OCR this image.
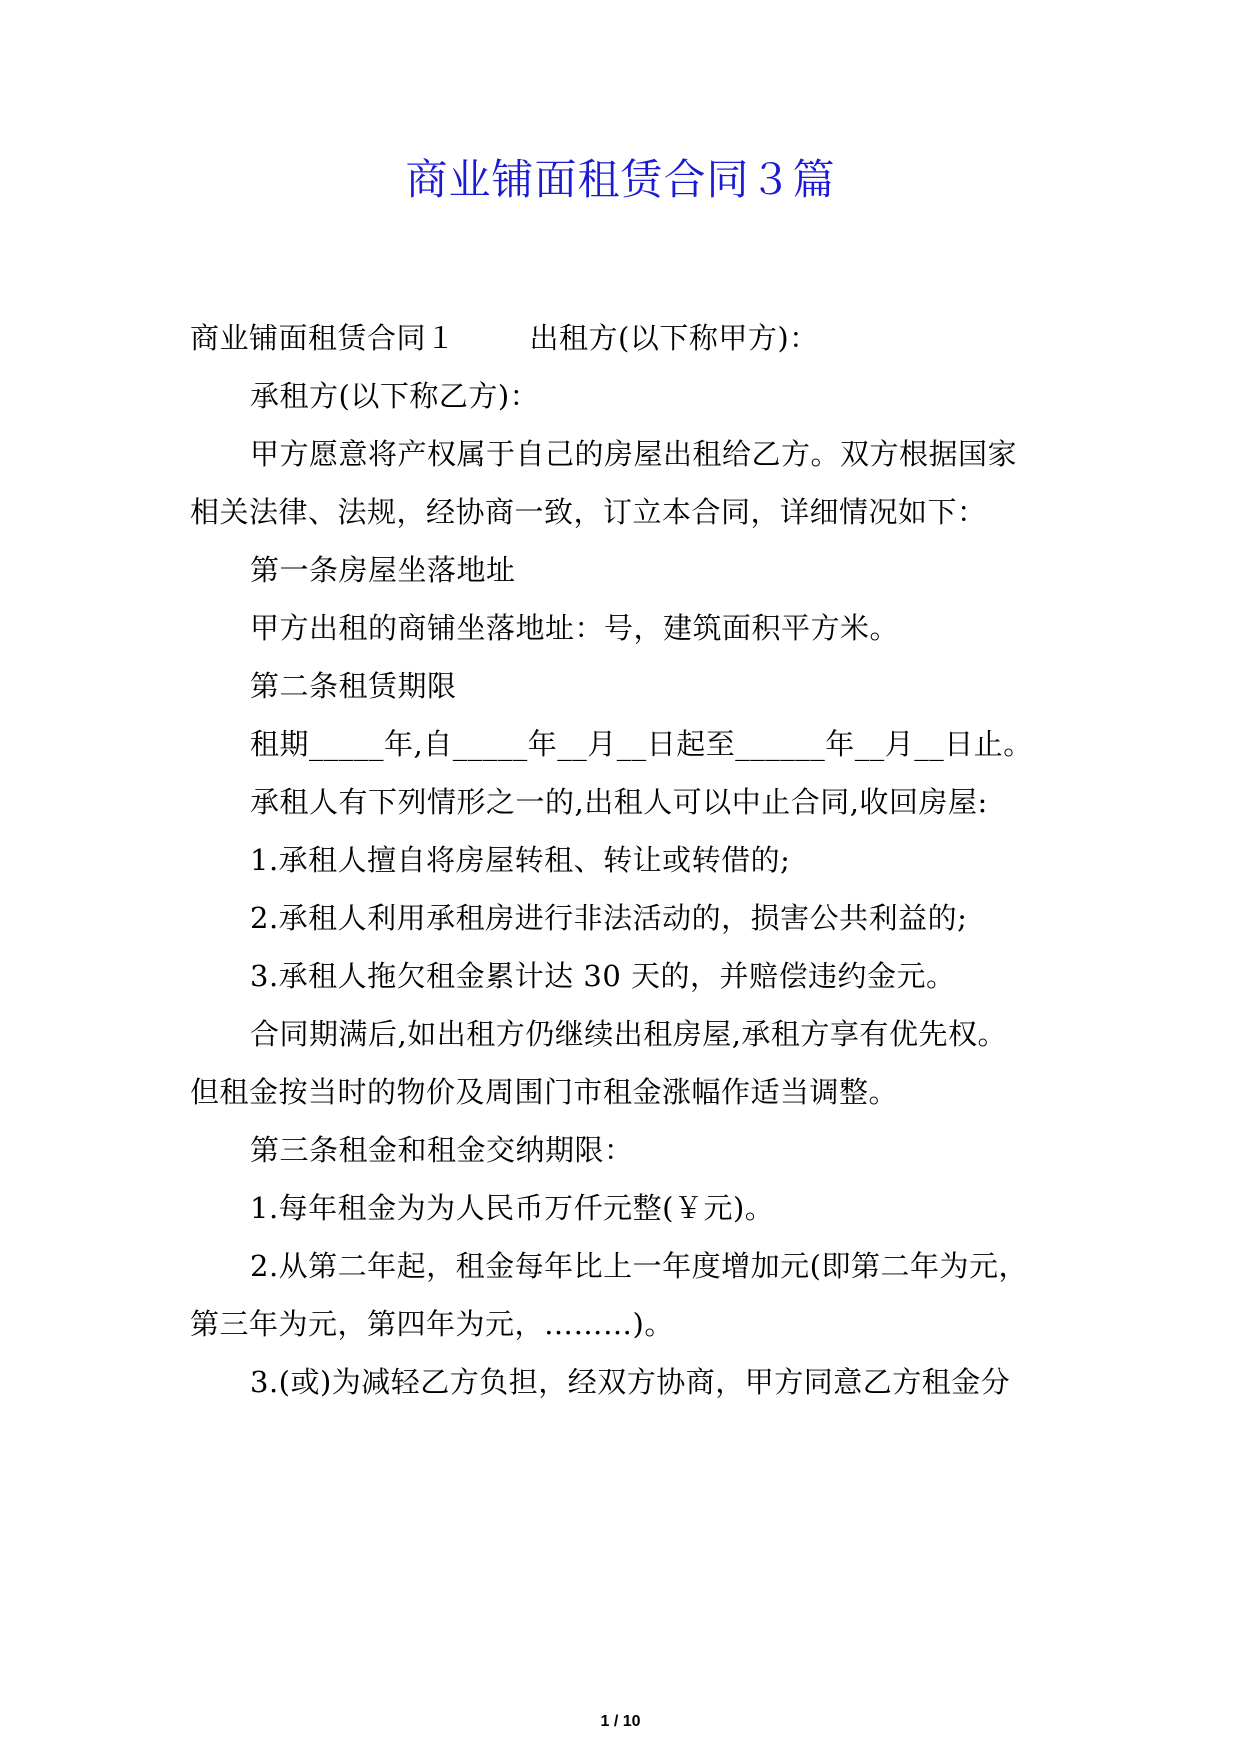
商业铺面租赁合同３篇
商业铺面租赁合同１	出租方(以下称甲方)：
承租方(以下称乙方)：
甲方愿意将产权属于自己的房屋出租给乙方。双方根据国家
相关法律、法规，经协商一致，订立本合同，详细情况如下：
第一条房屋坐落地址
甲方出租的商铺坐落地址：号，建筑面积平方米。
第二条租赁期限
租期_____年,自_____年__月__日起至______年__月__日止。
承租人有下列情形之一的,出租人可以中止合同,收回房屋:
1.承租人擅自将房屋转租、转让或转借的;
2.承租人利用承租房进行非法活动的，损害公共利益的;
3.承租人拖欠租金累计达 30 天的，并赔偿违约金元。
合同期满后,如出租方仍继续出租房屋,承租方享有优先权。
但租金按当时的物价及周围门市租金涨幅作适当调整。
第三条租金和租金交纳期限：
1.每年租金为为人民币万仟元整(￥元)。
2.从第二年起，租金每年比上一年度增加元(即第二年为元，
第三年为元，第四年为元，………)。
3.(或)为减轻乙方负担，经双方协商，甲方同意乙方租金分
1 / 10
